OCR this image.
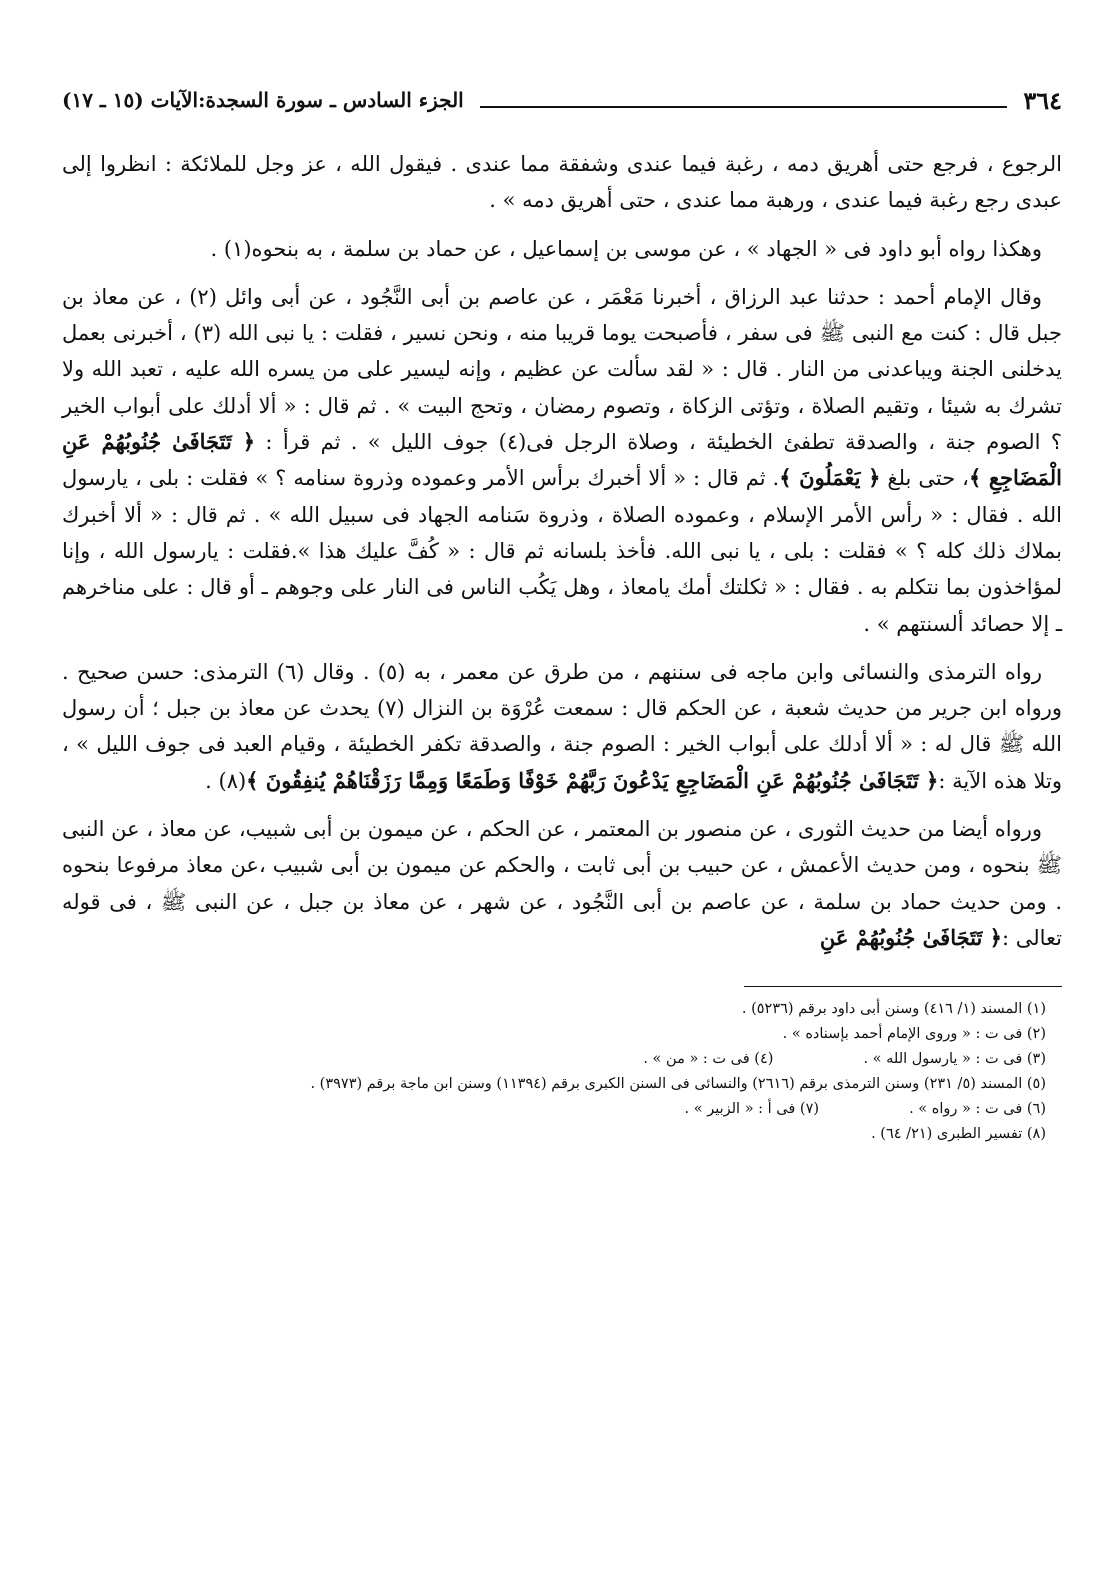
٣٦٤
الجزء السادس ـ سورة السجدة:الآيات (١٥ ـ ١٧)

الرجوع ، فرجع حتى أهريق دمه ، رغبة فيما عندى وشفقة مما عندى . فيقول الله ، عز وجل للملائكة : انظروا إلى عبدى رجع رغبة فيما عندى ، ورهبة مما عندى ، حتى أهريق دمه » .

وهكذا رواه أبو داود فى « الجهاد » ، عن موسى بن إسماعيل ، عن حماد بن سلمة ، به بنحوه(١) .

وقال الإمام أحمد : حدثنا عبد الرزاق ، أخبرنا مَعْمَر ، عن عاصم بن أبى النَّجُود ، عن أبى وائل (٢) ، عن معاذ بن جبل قال : كنت مع النبى ﷺ فى سفر ، فأصبحت يوما قريبا منه ، ونحن نسير ، فقلت : يا نبى الله (٣) ، أخبرنى بعمل يدخلنى الجنة ويباعدنى من النار . قال : « لقد سألت عن عظيم ، وإنه ليسير على من يسره الله عليه ، تعبد الله ولا تشرك به شيئا ، وتقيم الصلاة ، وتؤتى الزكاة ، وتصوم رمضان ، وتحج البيت » . ثم قال : « ألا أدلك على أبواب الخير ؟ الصوم جنة ، والصدقة تطفئ الخطيئة ، وصلاة الرجل فى(٤) جوف الليل » . ثم قرأ : ﴿ تَتَجَافَىٰ جُنُوبُهُمْ عَنِ الْمَضَاجِعِ ﴾، حتى بلغ ﴿ يَعْمَلُونَ ﴾. ثم قال : « ألا أخبرك برأس الأمر وعموده وذروة سنامه ؟ » فقلت : بلى ، يارسول الله . فقال : « رأس الأمر الإسلام ، وعموده الصلاة ، وذروة سَنامه الجهاد فى سبيل الله » . ثم قال : « ألا أخبرك بملاك ذلك كله ؟ » فقلت : بلى ، يا نبى الله. فأخذ بلسانه ثم قال : « كُفَّ عليك هذا ».فقلت : يارسول الله ، وإنا لمؤاخذون بما نتكلم به . فقال : « ثكلتك أمك يامعاذ ، وهل يَكُب الناس فى النار على وجوهم ـ أو قال : على مناخرهم ـ إلا حصائد ألسنتهم » .

رواه الترمذى والنسائى وابن ماجه فى سننهم ، من طرق عن معمر ، به (٥) . وقال (٦) الترمذى: حسن صحيح . ورواه ابن جرير من حديث شعبة ، عن الحكم قال : سمعت عُرْوَة بن النزال (٧) يحدث عن معاذ بن جبل ؛ أن رسول الله ﷺ قال له : « ألا أدلك على أبواب الخير : الصوم جنة ، والصدقة تكفر الخطيئة ، وقيام العبد فى جوف الليل » ، وتلا هذه الآية :﴿ تَتَجَافَىٰ جُنُوبُهُمْ عَنِ الْمَضَاجِعِ يَدْعُونَ رَبَّهُمْ خَوْفًا وَطَمَعًا وَمِمَّا رَزَقْنَاهُمْ يُنفِقُونَ ﴾(٨) .

ورواه أيضا من حديث الثورى ، عن منصور بن المعتمر ، عن الحكم ، عن ميمون بن أبى شبيب، عن معاذ ، عن النبى ﷺ بنحوه ، ومن حديث الأعمش ، عن حبيب بن أبى ثابت ، والحكم عن ميمون بن أبى شبيب ،عن معاذ مرفوعا بنحوه . ومن حديث حماد بن سلمة ، عن عاصم بن أبى النَّجُود ، عن شهر ، عن معاذ بن جبل ، عن النبى ﷺ ، فى قوله تعالى :﴿ تَتَجَافَىٰ جُنُوبُهُمْ عَنِ

(١) المسند (١/ ٤١٦) وسنن أبى داود برقم (٥٢٣٦) .

(٢) فى ت : « وروى الإمام أحمد بإسناده » .

(٣) فى ت : « يارسول الله » .
(٤) فى ت : « من » .

(٥) المسند (٥/ ٢٣١) وسنن الترمذى برقم (٢٦١٦) والنسائى فى السنن الكبرى برقم (١١٣٩٤) وسنن ابن ماجة برقم (٣٩٧٣) .

(٦) فى ت : « رواه » .
(٧) فى أ : « الزبير » .

(٨) تفسير الطبرى (٢١/ ٦٤) .
